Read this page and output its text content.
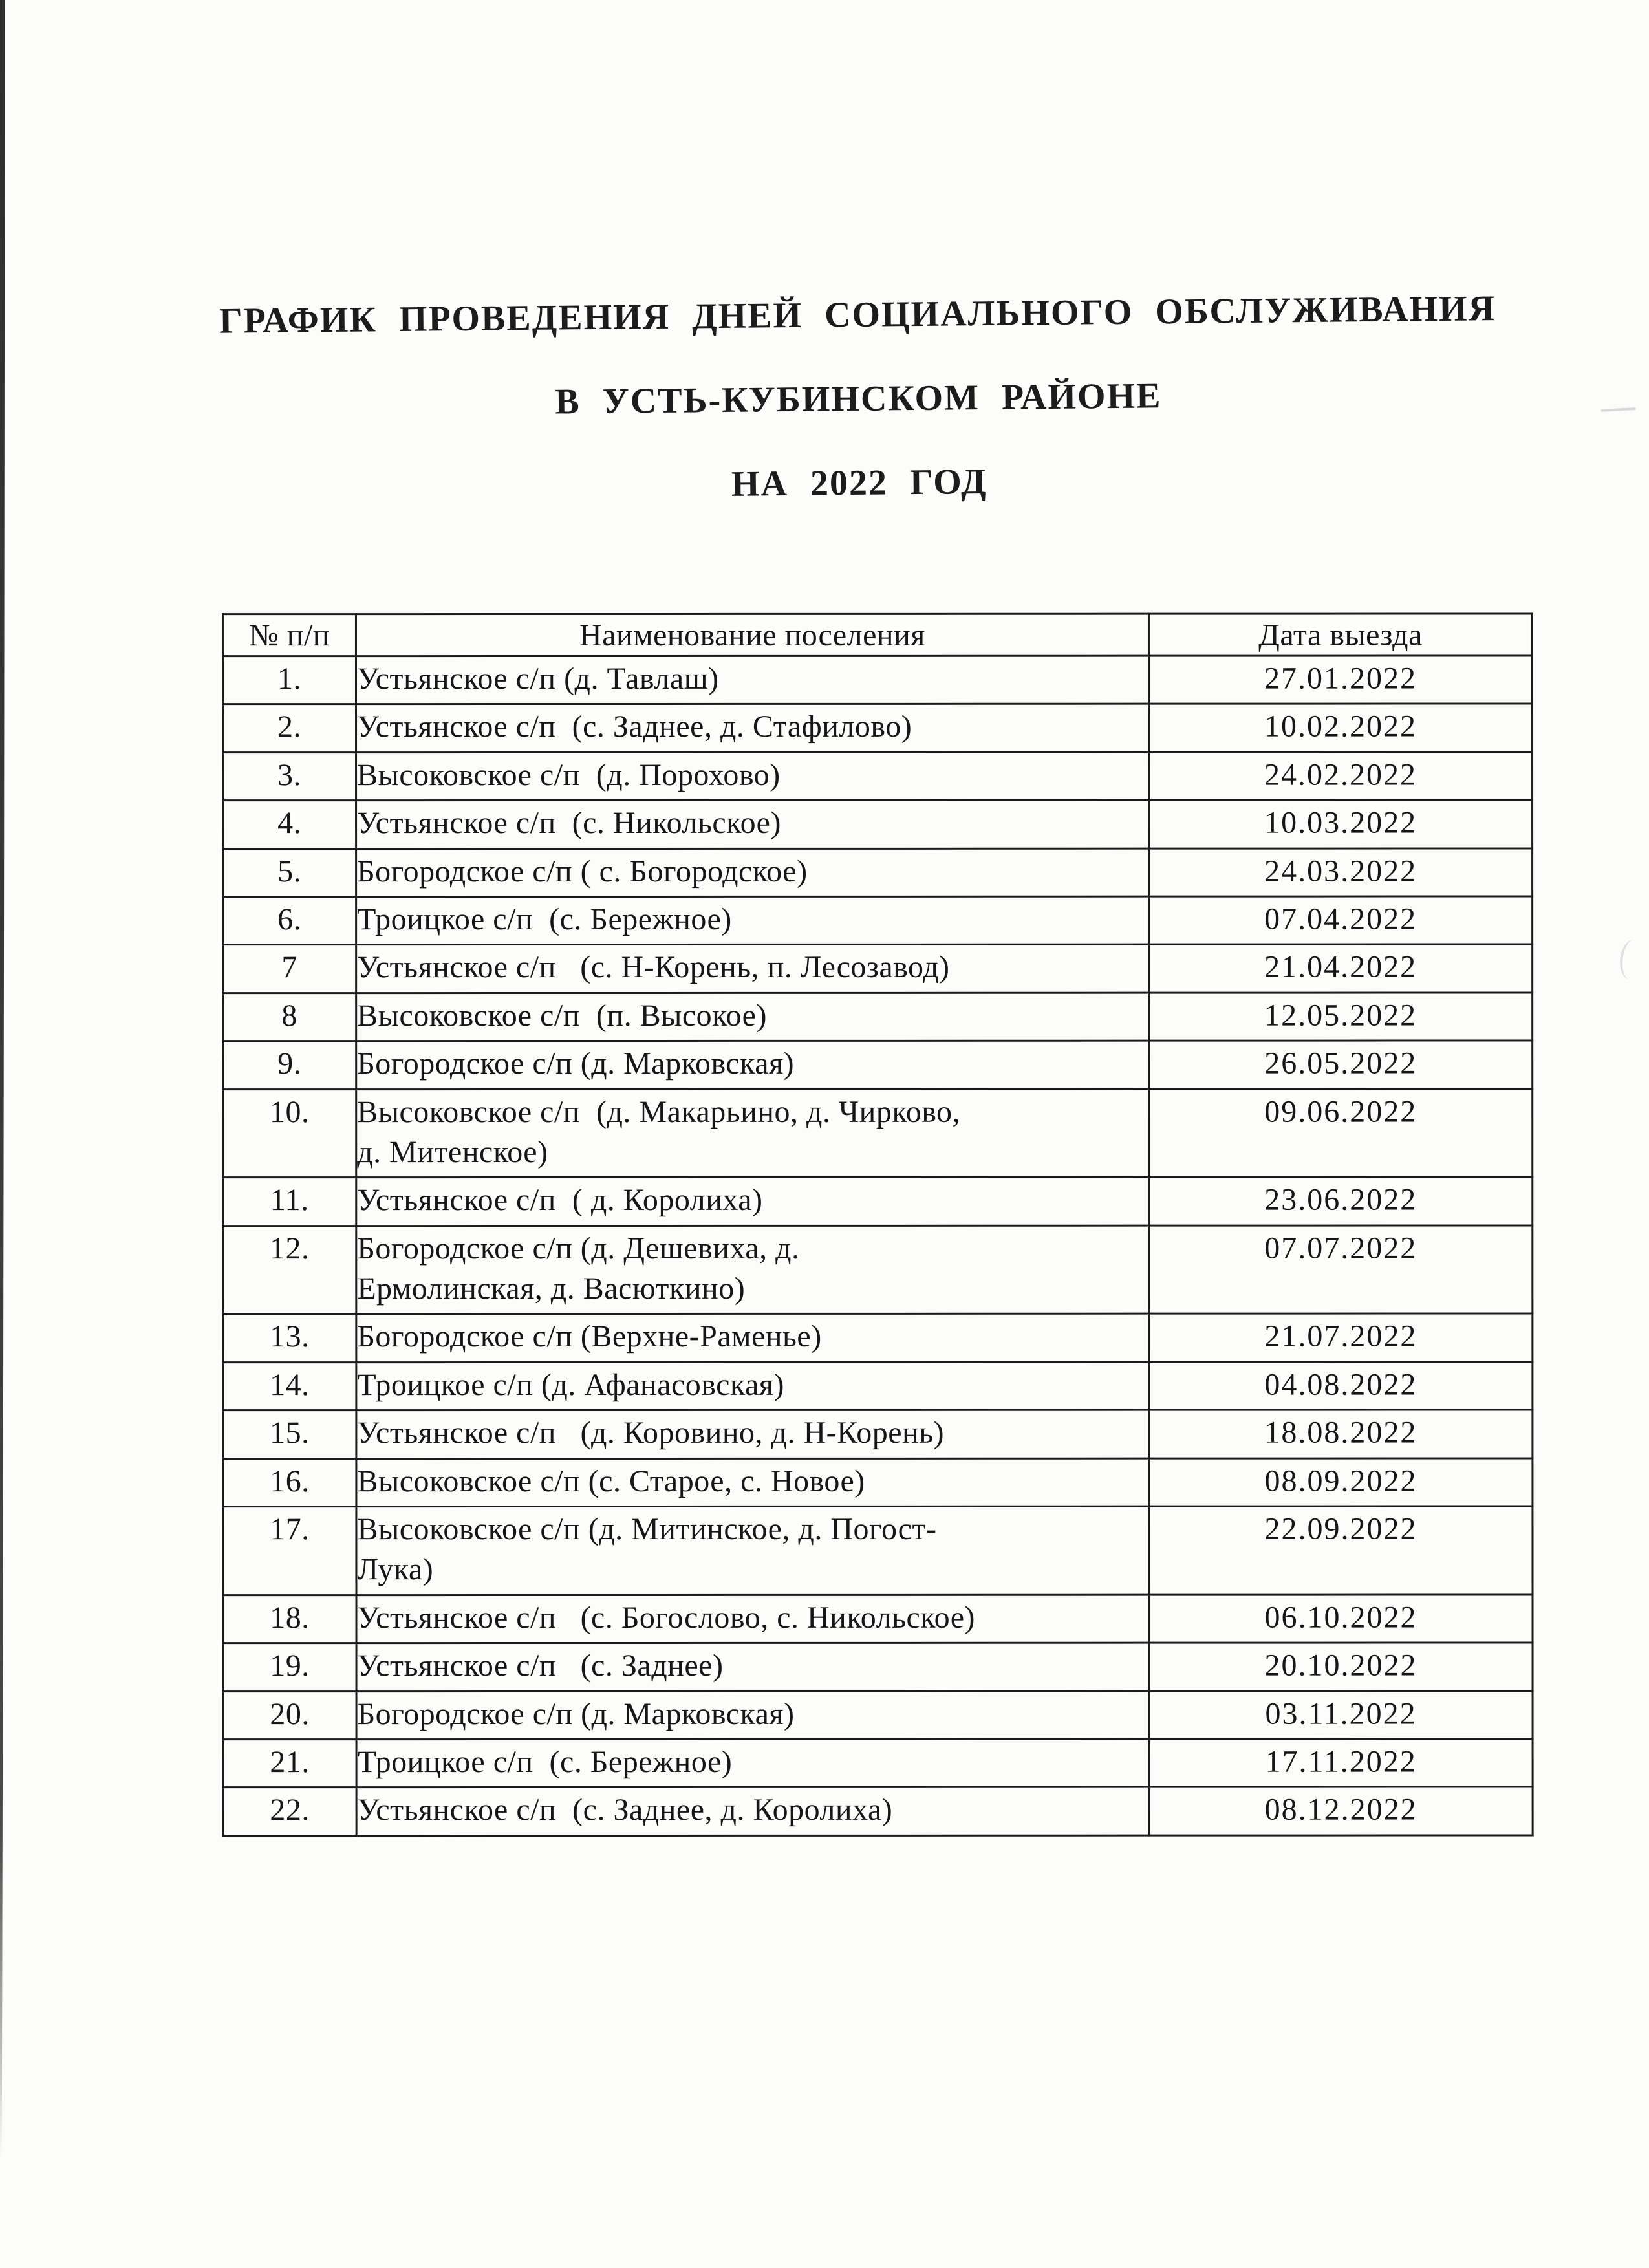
ГРАФИК ПРОВЕДЕНИЯ ДНЕЙ СОЦИАЛЬНОГО ОБСЛУЖИВАНИЯ
В УСТЬ-КУБИНСКОМ РАЙОНЕ
НА 2022 ГОД
№ п/п	Наименование поселения	Дата выезда
1.	Устьянское с/п (д. Тавлаш)	27.01.2022
2.	Устьянское с/п  (с. Заднее, д. Стафилово)	10.02.2022
3.	Высоковское с/п  (д. Порохово)	24.02.2022
4.	Устьянское с/п  (с. Никольское)	10.03.2022
5.	Богородское с/п ( с. Богородское)	24.03.2022
6.	Троицкое с/п  (с. Бережное)	07.04.2022
7	Устьянское с/п   (с. Н-Корень, п. Лесозавод)	21.04.2022
8	Высоковское с/п  (п. Высокое)	12.05.2022
9.	Богородское с/п (д. Марковская)	26.05.2022
10.	Высоковское с/п  (д. Макарьино, д. Чирково,
д. Митенское)	09.06.2022
11.	Устьянское с/п  ( д. Королиха)	23.06.2022
12.	Богородское с/п (д. Дешевиха, д.
Ермолинская, д. Васюткино)	07.07.2022
13.	Богородское с/п (Верхне-Раменье)	21.07.2022
14.	Троицкое с/п (д. Афанасовская)	04.08.2022
15.	Устьянское с/п   (д. Коровино, д. Н-Корень)	18.08.2022
16.	Высоковское с/п (с. Старое, с. Новое)	08.09.2022
17.	Высоковское с/п (д. Митинское, д. Погост-
Лука)	22.09.2022
18.	Устьянское с/п   (с. Богослово, с. Никольское)	06.10.2022
19.	Устьянское с/п   (с. Заднее)	20.10.2022
20.	Богородское с/п (д. Марковская)	03.11.2022
21.	Троицкое с/п  (с. Бережное)	17.11.2022
22.	Устьянское с/п  (с. Заднее, д. Королиха)	08.12.2022
